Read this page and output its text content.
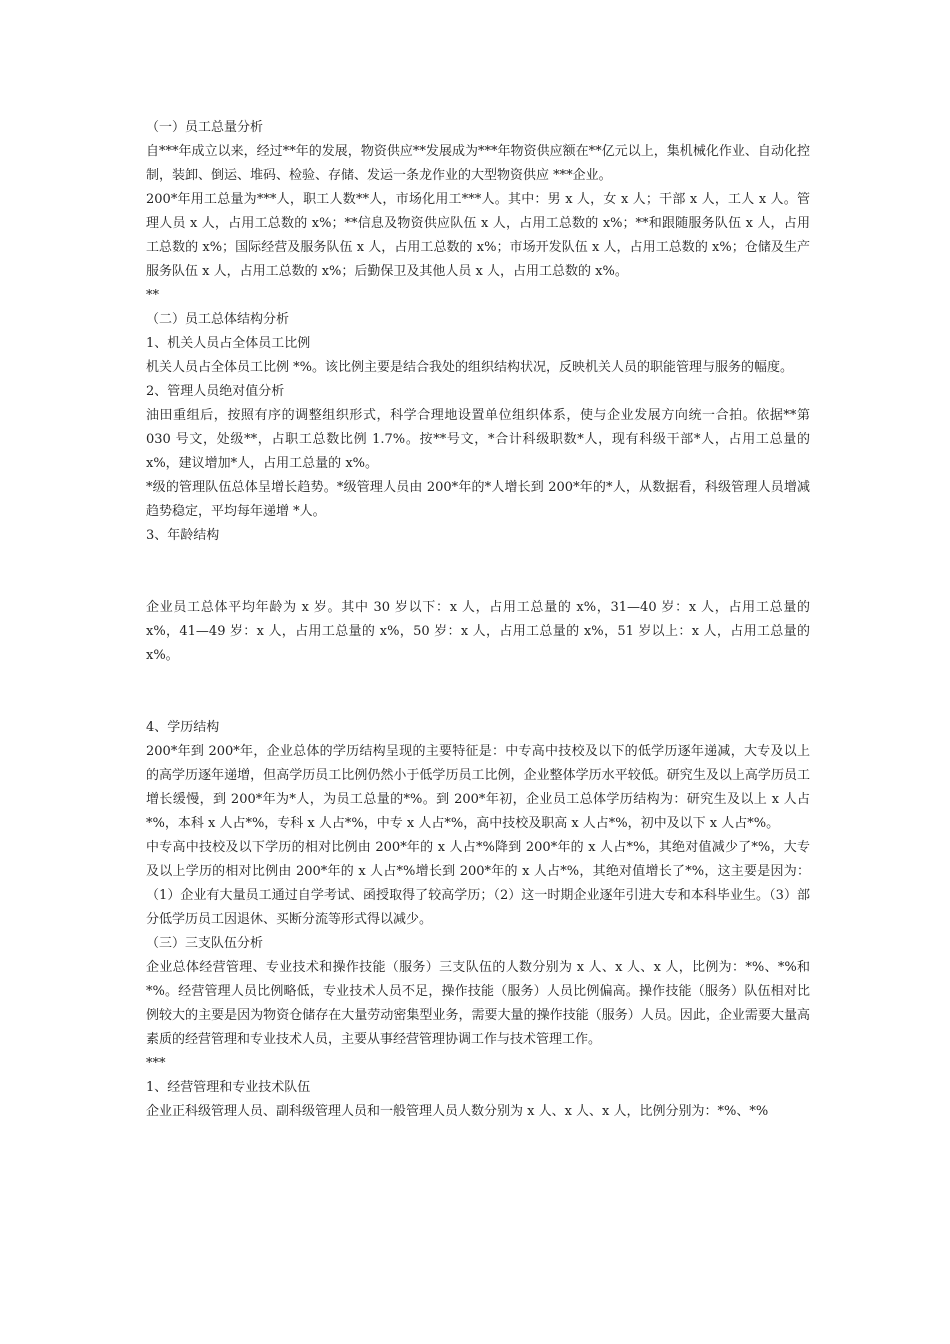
（一）员工总量分析

自***年成立以来，经过**年的发展，物资供应**发展成为***年物资供应额在**亿元以上，集机械化作业、自动化控制，装卸、倒运、堆码、检验、存储、发运一条龙作业的大型物资供应 ***企业。

200*年用工总量为***人，职工人数**人，市场化用工***人。其中：男 x 人，女 x 人；干部 x 人，工人 x 人。管理人员 x 人，占用工总数的 x%；**信息及物资供应队伍 x 人，占用工总数的 x%；**和跟随服务队伍 x 人，占用工总数的 x%；国际经营及服务队伍 x 人，占用工总数的 x%；市场开发队伍 x 人，占用工总数的 x%；仓储及生产服务队伍 x 人，占用工总数的 x%；后勤保卫及其他人员 x 人，占用工总数的 x%。

**

（二）员工总体结构分析

1、机关人员占全体员工比例

机关人员占全体员工比例 *%。该比例主要是结合我处的组织结构状况，反映机关人员的职能管理与服务的幅度。

2、管理人员绝对值分析

油田重组后，按照有序的调整组织形式，科学合理地设置单位组织体系，使与企业发展方向统一合拍。依据**第 030 号文，处级**，占职工总数比例 1.7%。按**号文，*合计科级职数*人，现有科级干部*人，占用工总量的 x%，建议增加*人，占用工总量的 x%。

*级的管理队伍总体呈增长趋势。*级管理人员由 200*年的*人增长到 200*年的*人，从数据看，科级管理人员增减趋势稳定，平均每年递增 *人。

3、年龄结构

企业员工总体平均年龄为 x 岁。其中 30 岁以下：x 人，占用工总量的 x%，31—40 岁：x 人，占用工总量的 x%，41—49 岁：x 人，占用工总量的 x%，50 岁：x 人，占用工总量的 x%，51 岁以上：x 人，占用工总量的 x%。

4、学历结构

200*年到 200*年，企业总体的学历结构呈现的主要特征是：中专高中技校及以下的低学历逐年递减，大专及以上的高学历逐年递增，但高学历员工比例仍然小于低学历员工比例，企业整体学历水平较低。研究生及以上高学历员工增长缓慢，到 200*年为*人，为员工总量的*%。到 200*年初，企业员工总体学历结构为：研究生及以上 x 人占*%，本科 x 人占*%，专科 x 人占*%，中专 x 人占*%，高中技校及职高 x 人占*%，初中及以下 x 人占*%。

中专高中技校及以下学历的相对比例由 200*年的 x 人占*%降到 200*年的 x 人占*%，其绝对值减少了*%，大专及以上学历的相对比例由 200*年的 x 人占*%增长到 200*年的 x 人占*%，其绝对值增长了*%，这主要是因为：（1）企业有大量员工通过自学考试、函授取得了较高学历；（2）这一时期企业逐年引进大专和本科毕业生。（3）部分低学历员工因退休、买断分流等形式得以减少。

（三）三支队伍分析

企业总体经营管理、专业技术和操作技能（服务）三支队伍的人数分别为 x 人、x 人、x 人，比例为：*%、*%和*%。经营管理人员比例略低，专业技术人员不足，操作技能（服务）人员比例偏高。操作技能（服务）队伍相对比例较大的主要是因为物资仓储存在大量劳动密集型业务，需要大量的操作技能（服务）人员。因此，企业需要大量高素质的经营管理和专业技术人员，主要从事经营管理协调工作与技术管理工作。

***

1、经营管理和专业技术队伍

企业正科级管理人员、副科级管理人员和一般管理人员人数分别为 x 人、x 人、x 人，比例分别为：*%、*%
